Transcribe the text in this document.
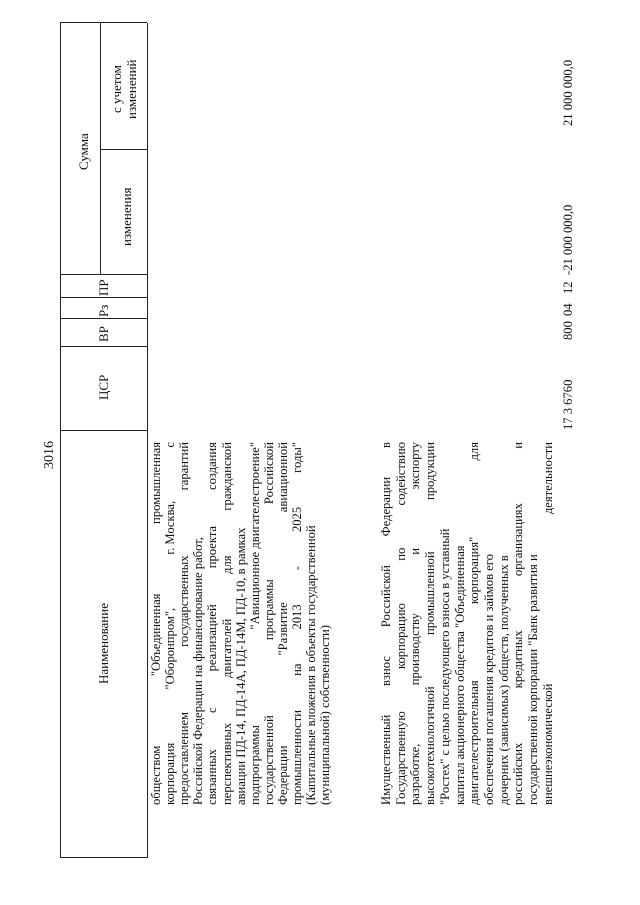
3016
Наименование
ЦСР
ВР
Рз
ПР
Сумма
изменения
с учетом изменений
обществом
"Объединенная
промышленная
корпорация
"Оборонпром",
г. Москва,
с
предоставлением
государственных
гарантий
Российской Федерации на финансирование работ, связанных
с
реализацией
проекта
создания
перспективных
двигателей
для
гражданской
авиации ПД-14, ПД-14А, ПД-14М, ПД-10, в рамках подпрограммы
"Авиационное двигателестроение"
государственной
программы
Российской
Федерации
"Развитие
авиационной
промышленности
на
2013
-
2025
годы"
(Капитальные вложения в объекты государственной (муниципальной) собственности)	Имущественный
взнос
Российской
Федерации
в
Государственную
корпорацию
по
содействию
разработке,
производству
и
экспорту
высокотехнологичной
промышленной
продукции
"Ростех" с целью последующего взноса в уставный капитал акционерного общества "Объединенная двигателестроительная
корпорация"
для
обеспечения погашения кредитов и займов его дочерних (зависимых) обществ, полученных в российских
кредитных
организациях
и
государственной корпорации "Банк развития и внешнеэкономической
деятельности
17 3 6760
800
04
12
-21 000 000,0
21 000 000,0
